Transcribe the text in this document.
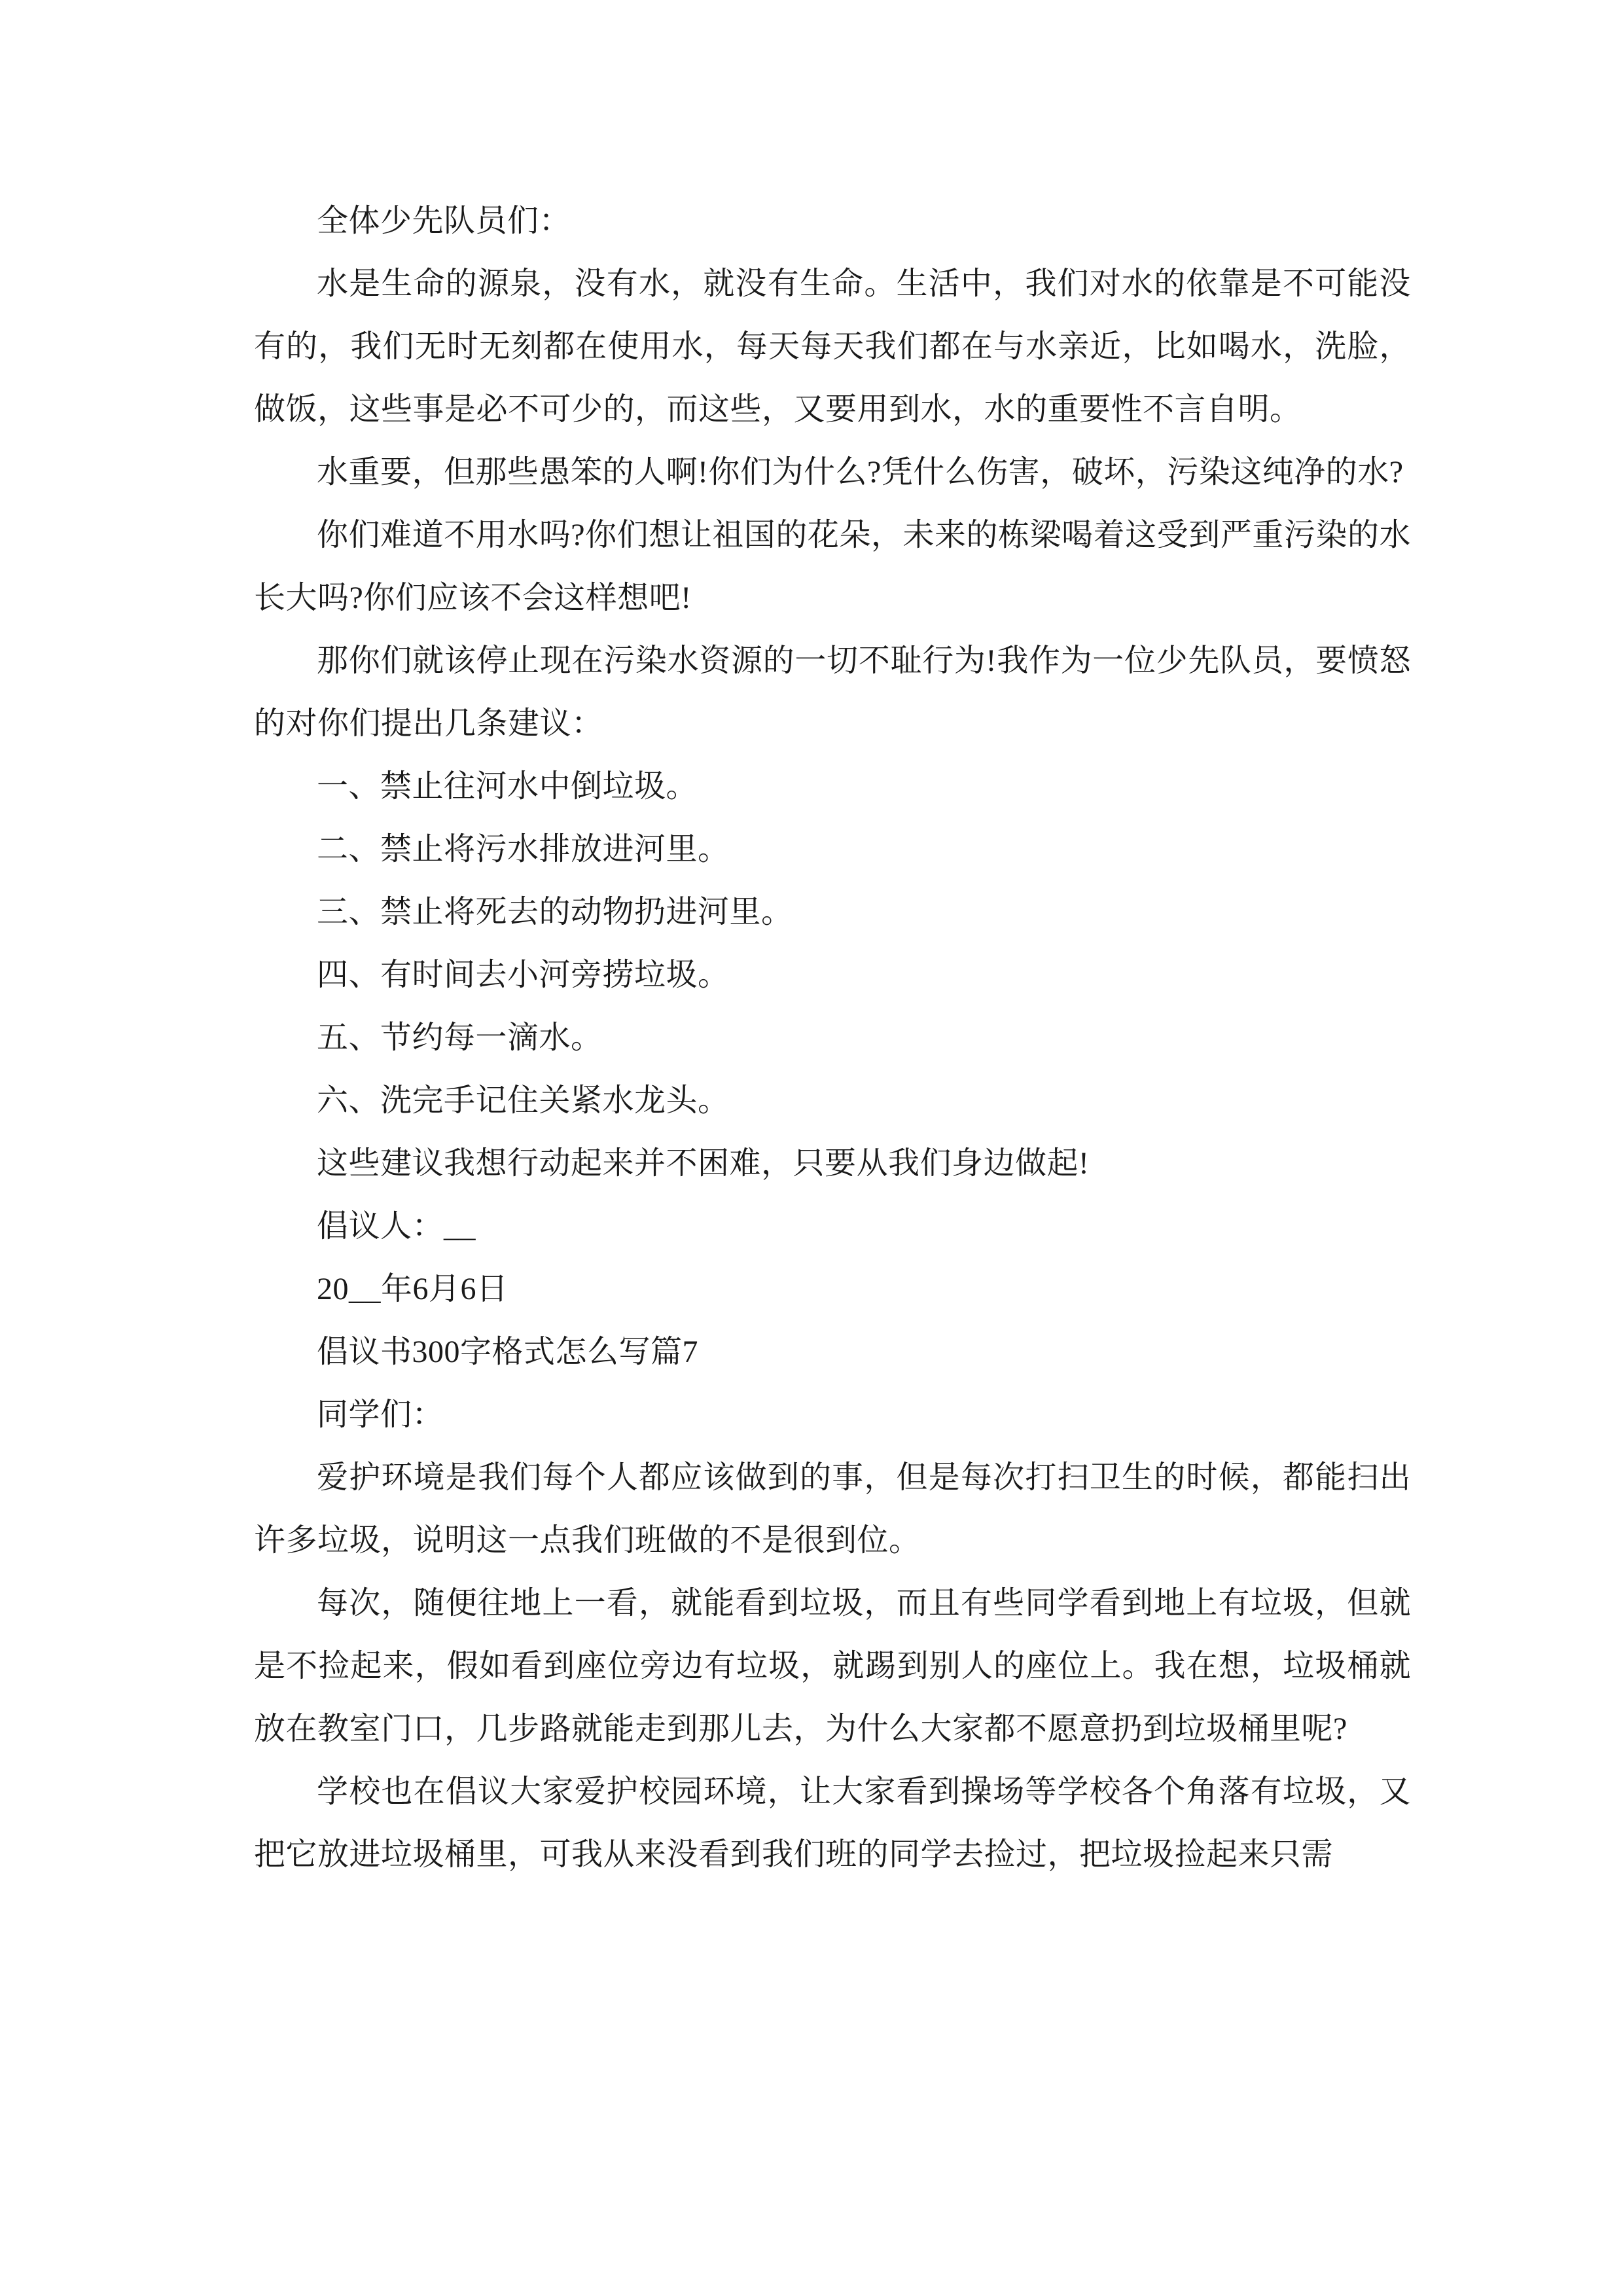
全体少先队员们：

水是生命的源泉，没有水，就没有生命。生活中，我们对水的依靠是不可能没有的，我们无时无刻都在使用水，每天每天我们都在与水亲近，比如喝水，洗脸，做饭，这些事是必不可少的，而这些，又要用到水，水的重要性不言自明。

水重要，但那些愚笨的人啊!你们为什么?凭什么伤害，破坏，污染这纯净的水?

你们难道不用水吗?你们想让祖国的花朵，未来的栋梁喝着这受到严重污染的水长大吗?你们应该不会这样想吧!

那你们就该停止现在污染水资源的一切不耻行为!我作为一位少先队员，要愤怒的对你们提出几条建议：

一、禁止往河水中倒垃圾。

二、禁止将污水排放进河里。

三、禁止将死去的动物扔进河里。

四、有时间去小河旁捞垃圾。

五、节约每一滴水。

六、洗完手记住关紧水龙头。

这些建议我想行动起来并不困难，只要从我们身边做起!

倡议人：__

20__年6月6日

倡议书300字格式怎么写篇7

同学们：

爱护环境是我们每个人都应该做到的事，但是每次打扫卫生的时候，都能扫出许多垃圾，说明这一点我们班做的不是很到位。

每次，随便往地上一看，就能看到垃圾，而且有些同学看到地上有垃圾，但就是不捡起来，假如看到座位旁边有垃圾，就踢到别人的座位上。我在想，垃圾桶就放在教室门口，几步路就能走到那儿去，为什么大家都不愿意扔到垃圾桶里呢?

学校也在倡议大家爱护校园环境，让大家看到操场等学校各个角落有垃圾，又把它放进垃圾桶里，可我从来没看到我们班的同学去捡过，把垃圾捡起来只需
